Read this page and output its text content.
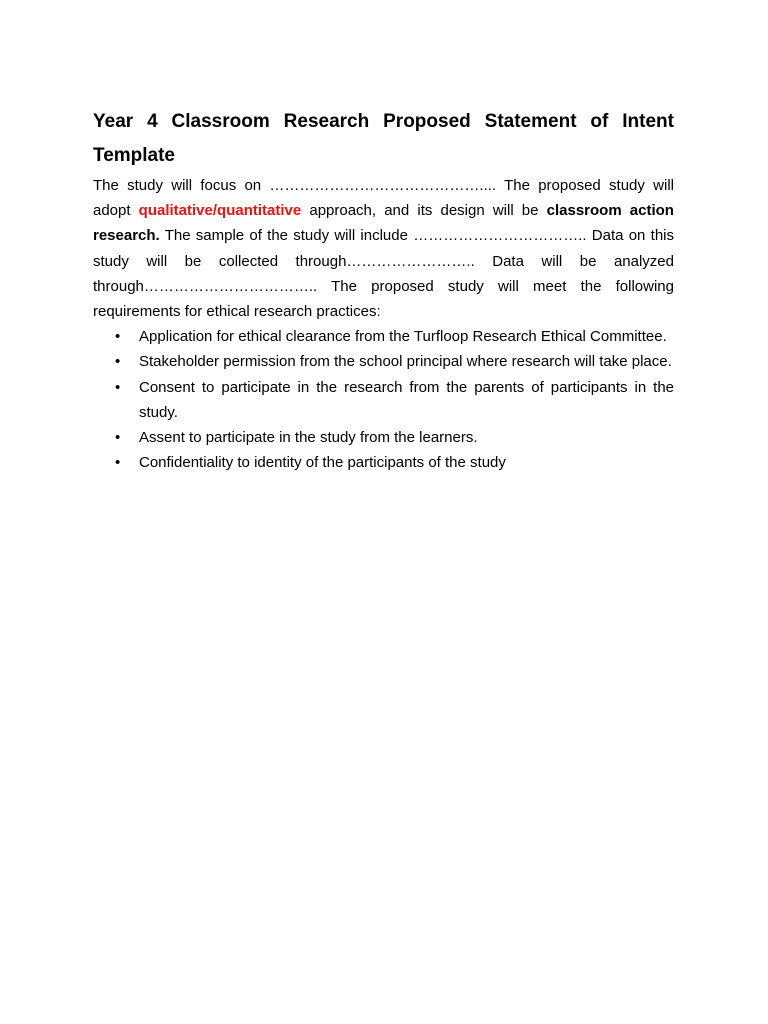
Year 4 Classroom Research Proposed Statement of Intent Template

The study will focus on …………………………………….... The proposed study will adopt qualitative/quantitative approach, and its design will be classroom action research. The sample of the study will include …………………………….. Data on this study will be collected through…………………….. Data will be analyzed through…………………………….. The proposed study will meet the following requirements for ethical research practices:

• Application for ethical clearance from the Turfloop Research Ethical Committee.
• Stakeholder permission from the school principal where research will take place.
• Consent to participate in the research from the parents of participants in the study.
• Assent to participate in the study from the learners.
• Confidentiality to identity of the participants of the study
